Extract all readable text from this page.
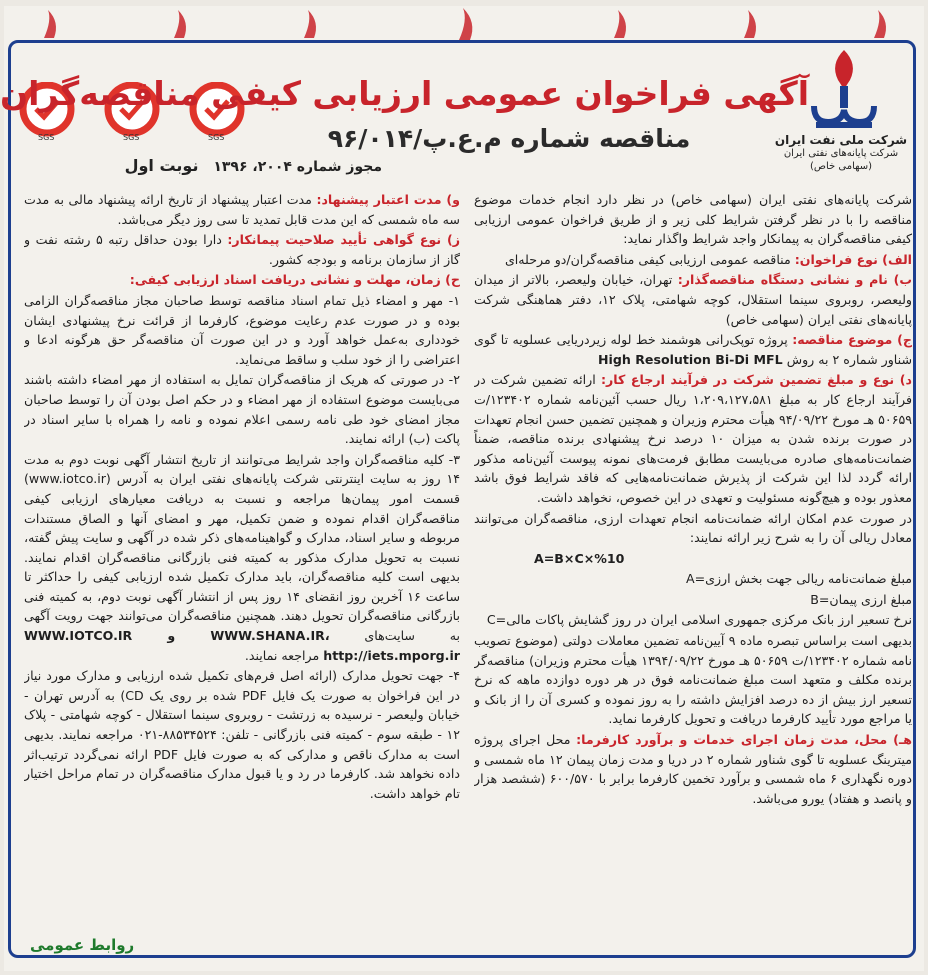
SGS	SGS	SGS
آگهی فراخوان عمومی ارزیابی کیفی مناقصه‌گران
مناقصه شماره م.ع.پ/۹۶/۰۱۴
مجوز شماره ۲۰۰۴، ۱۳۹۶ نوبت اول
شرکت ملی نفت ایران
شرکت پایانه‌های نفتی ایران
(سهامی خاص)

شرکت پایانه‌های نفتی ایران (سهامی خاص) در نظر دارد انجام خدمات موضوع مناقصه را با در نظر گرفتن شرایط کلی زیر و از طریق فراخوان عمومی ارزیابی کیفی مناقصه‌گران به پیمانکار واجد شرایط واگذار نماید:

الف) نوع فراخوان: مناقصه عمومی ارزیابی کیفی مناقصه‌گران/دو مرحله‌ای

ب) نام و نشانی دستگاه مناقصه‌گذار: تهران، خیابان ولیعصر، بالاتر از میدان ولیعصر، روبروی سینما استقلال، کوچه شهامتی، پلاک ۱۲، دفتر هماهنگی شرکت پایانه‌های نفتی ایران (سهامی خاص)

ج) موضوع مناقصه: پروژه توپک‌رانی هوشمند خط لوله زیردریایی عسلویه تا گوی شناور شماره ۲ به روش High Resolution Bi-Di MFL

د) نوع و مبلغ تضمین شرکت در فرآیند ارجاع کار: ارائه تضمین شرکت در فرآیند ارجاع کار به مبلغ ۱،۲۰۹،۱۲۷،۵۸۱ ریال حسب آئین‌نامه شماره ۱۲۳۴۰۲/ت ۵۰۶۵۹ هـ مورخ ۹۴/۰۹/۲۲ هیأت محترم وزیران و همچنین تضمین حسن انجام تعهدات در صورت برنده شدن به میزان ۱۰ درصد نرخ پیشنهادی برنده مناقصه، ضمناً ضمانت‌نامه‌های صادره می‌بایست مطابق فرمت‌های نمونه پیوست آئین‌نامه مذکور ارائه گردد لذا این شرکت از پذیرش ضمانت‌نامه‌هایی که فاقد شرایط فوق باشد معذور بوده و هیچ‌گونه مسئولیت و تعهدی در این خصوص، نخواهد داشت.

در صورت عدم امکان ارائه ضمانت‌نامه انجام تعهدات ارزی، مناقصه‌گران می‌توانند معادل ریالی آن را به شرح زیر ارائه نمایند:

A=B×C×%10

مبلغ ضمانت‌نامه ریالی جهت بخش ارزی=A

مبلغ ارزی پیمان=B

نرخ تسعیر ارز بانک مرکزی جمهوری اسلامی ایران در روز گشایش پاکات مالی=C

بدیهی است براساس تبصره ماده ۹ آیین‌نامه تضمین معاملات دولتی (موضوع تصویب نامه شماره ۱۲۳۴۰۲/ت ۵۰۶۵۹ هـ مورخ ۱۳۹۴/۰۹/۲۲ هیأت محترم وزیران) مناقصه‌گر برنده مکلف و متعهد است مبلغ ضمانت‌نامه فوق در هر دوره دوازده ماهه که نرخ تسعیر ارز بیش از ده درصد افزایش داشته را به روز نموده و کسری آن را از بانک و یا مراجع مورد تأیید کارفرما دریافت و تحویل کارفرما نماید.

هـ) محل، مدت زمان اجرای خدمات و برآورد کارفرما: محل اجرای پروژه میترینگ عسلویه تا گوی شناور شماره ۲ در دریا و مدت زمان پیمان ۱۲ ماه شمسی و دوره نگهداری ۶ ماه شمسی و برآورد تخمین کارفرما برابر با ۶۰۰/۵۷۰ (ششصد هزار و پانصد و هفتاد) یورو می‌باشد.

و) مدت اعتبار پیشنهاد: مدت اعتبار پیشنهاد از تاریخ ارائه پیشنهاد مالی به مدت سه ماه شمسی که این مدت قابل تمدید تا سی روز دیگر می‌باشد.

ز) نوع گواهی تأیید صلاحیت پیمانکار: دارا بودن حداقل رتبه ۵ رشته نفت و گاز از سازمان برنامه و بودجه کشور.

ح) زمان، مهلت و نشانی دریافت اسناد ارزیابی کیفی:

۱- مهر و امضاء ذیل تمام اسناد مناقصه توسط صاحبان مجاز مناقصه‌گران الزامی بوده و در صورت عدم رعایت موضوع، کارفرما از قرائت نرخ پیشنهادی ایشان خودداری به‌عمل خواهد آورد و در این صورت آن مناقصه‌گر حق هرگونه ادعا و اعتراضی را از خود سلب و ساقط می‌نماید.

۲- در صورتی که هریک از مناقصه‌گران تمایل به استفاده از مهر امضاء داشته باشند می‌بایست موضوع استفاده از مهر امضاء و در حکم اصل بودن آن را توسط صاحبان مجاز امضای خود طی نامه رسمی اعلام نموده و نامه را همراه با سایر اسناد در پاکت (ب) ارائه نمایند.

۳- کلیه مناقصه‌گران واجد شرایط می‌توانند از تاریخ انتشار آگهی نوبت دوم به مدت ۱۴ روز به سایت اینترنتی شرکت پایانه‌های نفتی ایران به آدرس (www.iotco.ir) قسمت امور پیمان‌ها مراجعه و نسبت به دریافت معیارهای ارزیابی کیفی مناقصه‌گران اقدام نموده و ضمن تکمیل، مهر و امضای آنها و الصاق مستندات مربوطه و سایر اسناد، مدارک و گواهینامه‌های ذکر شده در آگهی و سایت پیش گفته، نسبت به تحویل مدارک مذکور به کمیته فنی بازرگانی مناقصه‌گران اقدام نمایند. بدیهی است کلیه مناقصه‌گران، باید مدارک تکمیل شده ارزیابی کیفی را حداکثر تا ساعت ۱۶ آخرین روز انقضای ۱۴ روز پس از انتشار آگهی نوبت دوم، به کمیته فنی بازرگانی مناقصه‌گران تحویل دهند. همچنین مناقصه‌گران می‌توانند جهت رویت آگهی به سایت‌های WWW.IOTCO.IR و WWW.SHANA.IR، http://iets.mporg.ir مراجعه نمایند.

۴- جهت تحویل مدارک (ارائه اصل فرم‌های تکمیل شده ارزیابی و مدارک مورد نیاز در این فراخوان به صورت یک فایل PDF شده بر روی یک CD) به آدرس تهران - خیابان ولیعصر - نرسیده به زرتشت - روبروی سینما استقلال - کوچه شهامتی - پلاک ۱۲ - طبقه سوم - کمیته فنی بازرگانی - تلفن: ۸۸۵۳۴۵۲۴-۰۲۱ مراجعه نمایند. بدیهی است به مدارک ناقص و مدارکی که به صورت فایل PDF ارائه نمی‌گردد ترتیب‌اثر داده نخواهد شد. کارفرما در رد و یا قبول مدارک مناقصه‌گران در تمام مراحل اختیار تام خواهد داشت.

روابط عمومی
